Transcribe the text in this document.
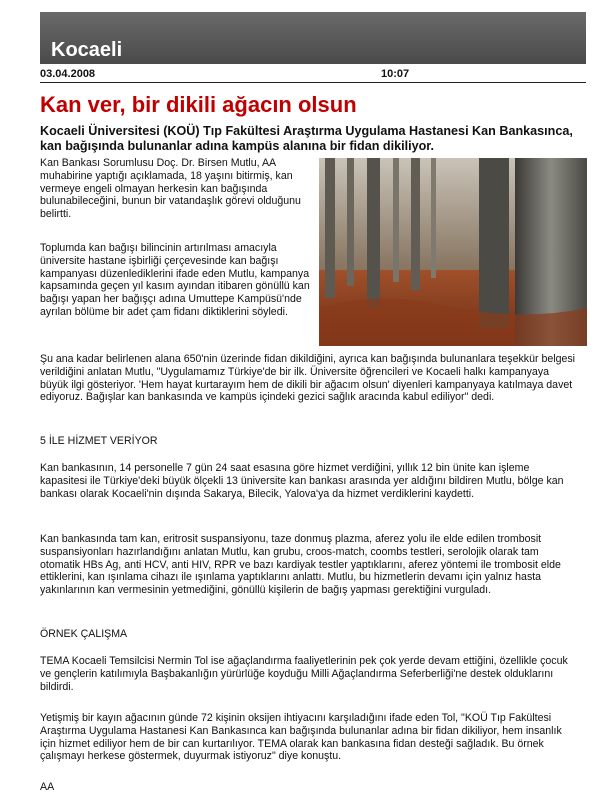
Kocaeli
03.04.2008	10:07
Kan ver, bir dikili ağacın olsun

Kocaeli Üniversitesi (KOÜ) Tıp Fakültesi Araştırma Uygulama Hastanesi Kan Bankasınca, kan bağışında bulunanlar adına kampüs alanına bir fidan dikiliyor.

Kan Bankası Sorumlusu Doç. Dr. Birsen Mutlu, AA muhabirine yaptığı açıklamada, 18 yaşını bitirmiş, kan vermeye engeli olmayan herkesin kan bağışında bulunabileceğini, bunun bir vatandaşlık görevi olduğunu belirtti.

Toplumda kan bağışı bilincinin artırılması amacıyla üniversite hastane işbirliği çerçevesinde kan bağışı kampanyası düzenlediklerini ifade eden Mutlu, kampanya kapsamında geçen yıl kasım ayından itibaren gönüllü kan bağışı yapan her bağışçı adına Umuttepe Kampüsü'nde ayrılan bölüme bir adet çam fidanı diktiklerini söyledi.

Şu ana kadar belirlenen alana 650'nin üzerinde fidan dikildiğini, ayrıca kan bağışında bulunanlara teşekkür belgesi verildiğini anlatan Mutlu, "Uygulamamız Türkiye'de bir ilk. Üniversite öğrencileri ve Kocaeli halkı kampanyaya büyük ilgi gösteriyor. 'Hem hayat kurtarayım hem de dikili bir ağacım olsun' diyenleri kampanyaya katılmaya davet ediyoruz. Bağışlar kan bankasında ve kampüs içindeki gezici sağlık aracında kabul ediliyor" dedi.

5 İLE HİZMET VERİYOR

Kan bankasının, 14 personelle 7 gün 24 saat esasına göre hizmet verdiğini, yıllık 12 bin ünite kan işleme kapasitesi ile Türkiye'deki büyük ölçekli 13 üniversite kan bankası arasında yer aldığını bildiren Mutlu, bölge kan bankası olarak Kocaeli'nin dışında Sakarya, Bilecik, Yalova'ya da hizmet verdiklerini kaydetti.

Kan bankasında tam kan, eritrosit suspansiyonu, taze donmuş plazma, aferez yolu ile elde edilen trombosit suspansiyonları hazırlandığını anlatan Mutlu, kan grubu, croos-match, coombs testleri, serolojik olarak tam otomatik HBs Ag, anti HCV, anti HIV, RPR ve bazı kardiyak testler yaptıklarını, aferez yöntemi ile trombosit elde ettiklerini, kan ışınlama cihazı ile ışınlama yaptıklarını anlattı. Mutlu, bu hizmetlerin devamı için yalnız hasta yakınlarının kan vermesinin yetmediğini, gönüllü kişilerin de bağış yapması gerektiğini vurguladı.

ÖRNEK ÇALIŞMA

TEMA Kocaeli Temsilcisi Nermin Tol ise ağaçlandırma faaliyetlerinin pek çok yerde devam ettiğini, özellikle çocuk ve gençlerin katılımıyla Başbakanlığın yürürlüğe koyduğu Milli Ağaçlandırma Seferberliği'ne destek olduklarını bildirdi.

Yetişmiş bir kayın ağacının günde 72 kişinin oksijen ihtiyacını karşıladığını ifade eden Tol, "KOÜ Tıp Fakültesi Araştırma Uygulama Hastanesi Kan Bankasınca kan bağışında bulunanlar adına bir fidan dikiliyor, hem insanlık için hizmet ediliyor hem de bir can kurtarılıyor. TEMA olarak kan bankasına fidan desteği sağladık. Bu örnek çalışmayı herkese göstermek, duyurmak istiyoruz" diye konuştu.

AA
